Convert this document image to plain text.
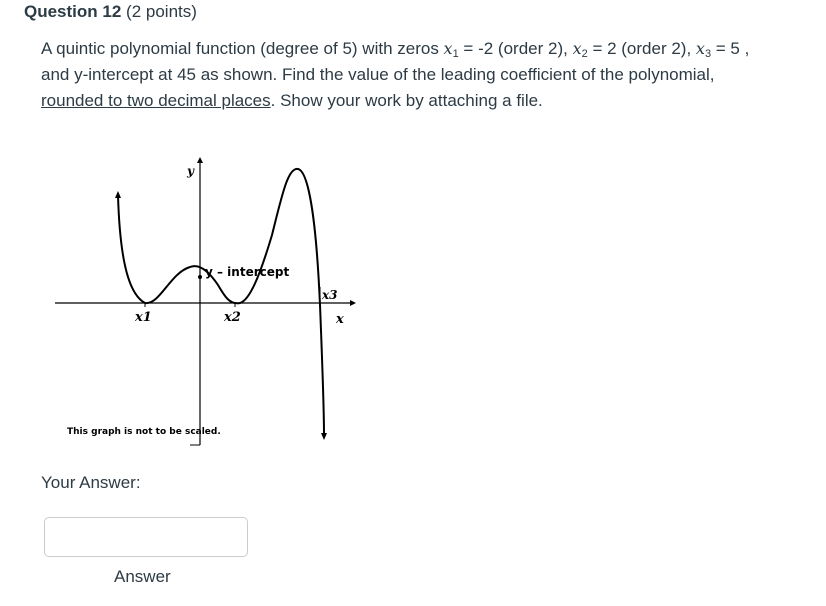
Question 12 (2 points)
A quintic polynomial function (degree of 5) with zeros $x_1 = -2$ (order 2), $x_2 = 2$ (order 2), $x_3 = 5$ , and y-intercept at 45 as shown. Find the value of the leading coefficient of the polynomial, rounded to two decimal places. Show your work by attaching a file.
y
x
y – intercept
x1	x2
x3
This graph is not to be scaled.
Your Answer:
Answer
